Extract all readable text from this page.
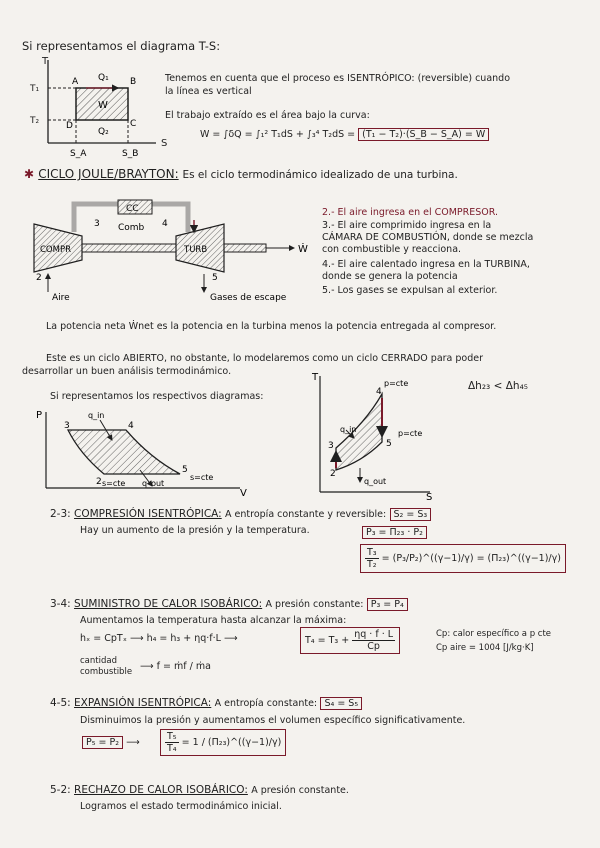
Si representamos el diagrama T-S:
T
S
T₁
T₂
A	B
C
D
Q₁
Q₂
W
S_A	S_B
Tenemos en cuenta que el proceso es ISENTRÓPICO: (reversible) cuando
la línea es vertical
El trabajo extraído es el área bajo la curva:
W = ∫δQ = ∫₁² T₁dS + ∫₃⁴ T₂dS = (T₁ − T₂)·(S_B − S_A) = W
✱ CICLO JOULE/BRAYTON: Es el ciclo termodinámico idealizado de una turbina.
CC
Comb
COMPR	TURB	Ẇ
3	4
2	5
Aire	Gases de escape
2.- El aire ingresa en el COMPRESOR.
3.- El aire comprimido ingresa en la
CÁMARA DE COMBUSTIÓN, donde se mezcla
con combustible y reacciona.
4.- El aire calentado ingresa en la TURBINA,
donde se genera la potencia
5.- Los gases se expulsan al exterior.
La potencia neta Ẇnet es la potencia en la turbina menos la potencia entregada al compresor.
Este es un ciclo ABIERTO, no obstante, lo modelaremos como un ciclo CERRADO para poder
desarrollar un buen análisis termodinámico.
Si representamos los respectivos diagramas:
Δh₂₃ < Δh₄₅
P
V
q_in
q_out
3	4
2
5
s=cte
s=cte
T
S
p=cte
p=cte
q_in
q_out
2
3
4
5
2-3: COMPRESIÓN ISENTRÓPICA: A entropía constante y reversible: S₂ = S₃
Hay un aumento de la presión y la temperatura.	P₃ = Π₂₃ · P₂
$\frac{\text{T₃}}{\text{T₂}}$ = (P₃/P₂)^((γ−1)/γ) = (Π₂₃)^((γ−1)/γ)
3-4: SUMINISTRO DE CALOR ISOBÁRICO: A presión constante: P₃ = P₄
Aumentamos la temperatura hasta alcanzar la máxima:
hₓ = CpTₓ ⟶ h₄ = h₃ + ηq·f·L ⟶	$T_4 = T_3 + \frac{\eta q \cdot f \cdot L}{Cp}$	Cp: calor específico a p cte
Cp aire = 1004 [J/kg·K]
cantidad
combustible ⟶ f = ṁf / ṁa
4-5: EXPANSIÓN ISENTRÓPICA: A entropía constante: S₄ = S₅
Disminuimos la presión y aumentamos el volumen específico significativamente.
P₅ = P₂ ⟶	$\frac{\text{T₅}}{\text{T₄}} = 1$ / (Π₂₃)^((γ−1)/γ)
5-2: RECHAZO DE CALOR ISOBÁRICO: A presión constante.
Logramos el estado termodinámico inicial.
